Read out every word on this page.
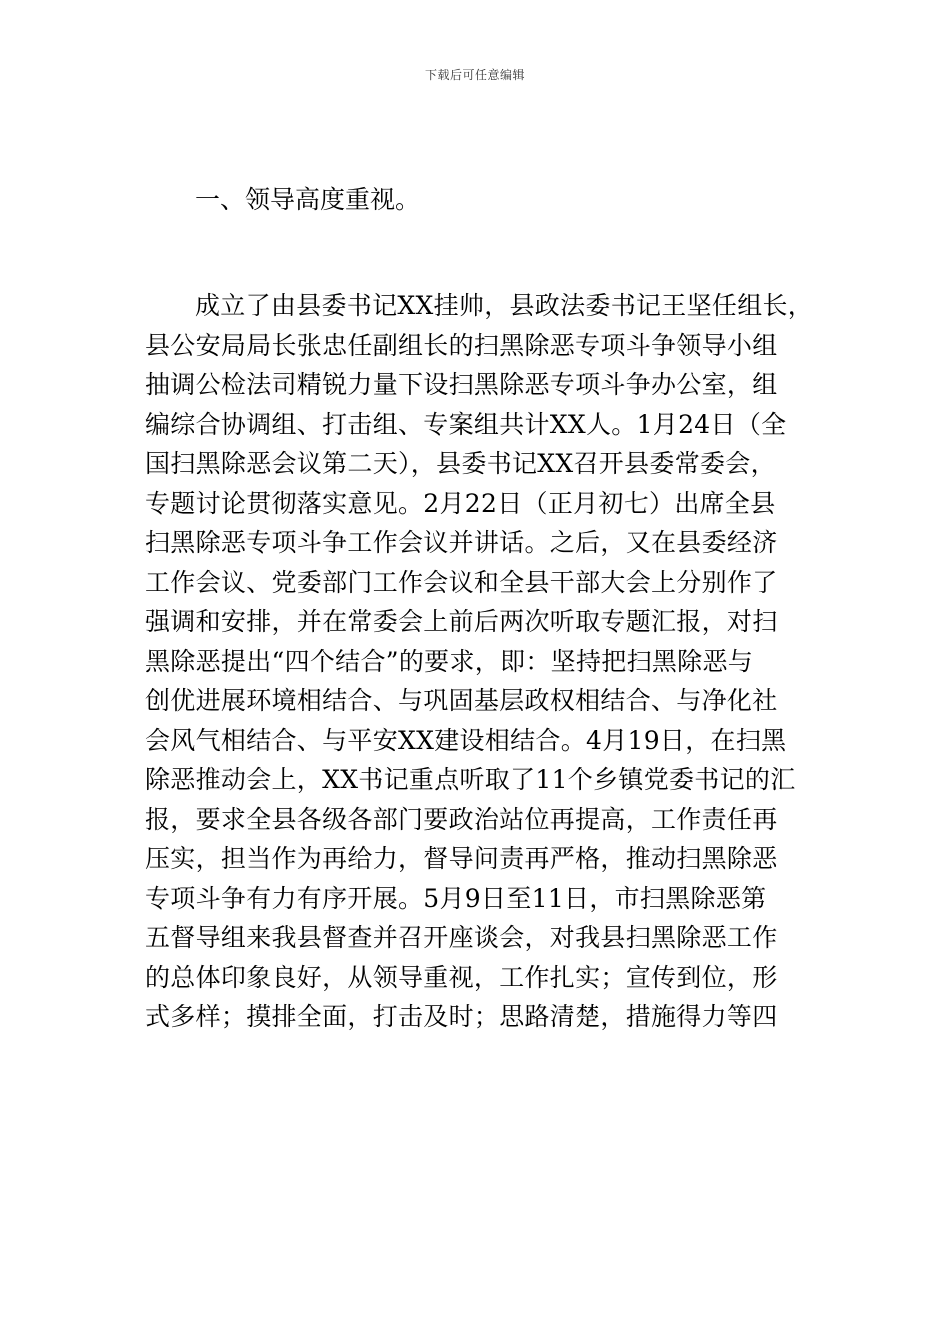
下载后可任意编辑
一、领导高度重视。
成立了由县委书记XX挂帅，县政法委书记王坚任组长，
县公安局局长张忠任副组长的扫黑除恶专项斗争领导小组
抽调公检法司精锐力量下设扫黑除恶专项斗争办公室，组
编综合协调组、打击组、专案组共计XX人。1月24日（全
国扫黑除恶会议第二天），县委书记XX召开县委常委会，
专题讨论贯彻落实意见。2月22日（正月初七）出席全县
扫黑除恶专项斗争工作会议并讲话。之后，又在县委经济
工作会议、党委部门工作会议和全县干部大会上分别作了
强调和安排，并在常委会上前后两次听取专题汇报，对扫
黑除恶提出“四个结合”的要求，即：坚持把扫黑除恶与
创优进展环境相结合、与巩固基层政权相结合、与净化社
会风气相结合、与平安XX建设相结合。4月19日，在扫黑
除恶推动会上，XX书记重点听取了11个乡镇党委书记的汇
报，要求全县各级各部门要政治站位再提高，工作责任再
压实，担当作为再给力，督导问责再严格，推动扫黑除恶
专项斗争有力有序开展。5月9日至11日，市扫黑除恶第
五督导组来我县督查并召开座谈会，对我县扫黑除恶工作
的总体印象良好，从领导重视，工作扎实；宣传到位，形
式多样；摸排全面，打击及时；思路清楚，措施得力等四
